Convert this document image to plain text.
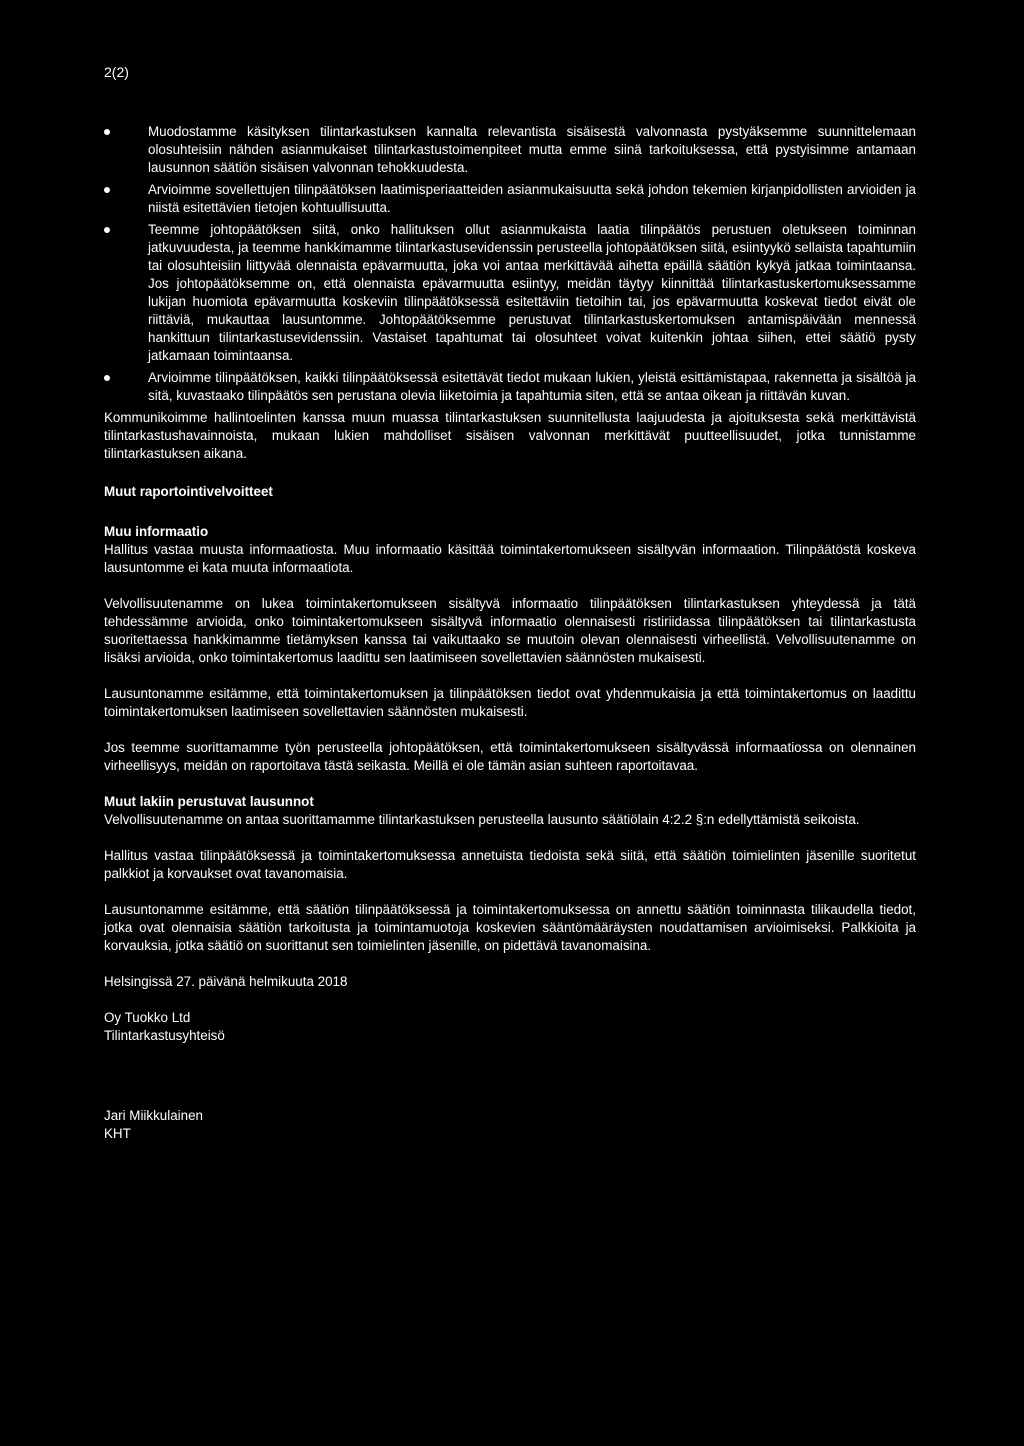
2(2)
Muodostamme käsityksen tilintarkastuksen kannalta relevantista sisäisestä valvonnasta pystyäksemme suunnittelemaan olosuhteisiin nähden asianmukaiset tilintarkastustoimenpiteet mutta emme siinä tarkoituksessa, että pystyisimme antamaan lausunnon säätiön sisäisen valvonnan tehokkuudesta.
Arvioimme sovellettujen tilinpäätöksen laatimisperiaatteiden asianmukaisuutta sekä johdon tekemien kirjanpidollisten arvioiden ja niistä esitettävien tietojen kohtuullisuutta.
Teemme johtopäätöksen siitä, onko hallituksen ollut asianmukaista laatia tilinpäätös perustuen oletukseen toiminnan jatkuvuudesta, ja teemme hankkimamme tilintarkastusevidenssin perusteella johtopäätöksen siitä, esiintyykö sellaista tapahtumiin tai olosuhteisiin liittyvää olennaista epävarmuutta, joka voi antaa merkittävää aihetta epäillä säätiön kykyä jatkaa toimintaansa. Jos johtopäätöksemme on, että olennaista epävarmuutta esiintyy, meidän täytyy kiinnittää tilintarkastuskertomuksessamme lukijan huomiota epävarmuutta koskeviin tilinpäätöksessä esitettäviin tietoihin tai, jos epävarmuutta koskevat tiedot eivät ole riittäviä, mukauttaa lausuntomme. Johtopäätöksemme perustuvat tilintarkastuskertomuksen antamispäivään mennessä hankittuun tilintarkastusevidenssiin. Vastaiset tapahtumat tai olosuhteet voivat kuitenkin johtaa siihen, ettei säätiö pysty jatkamaan toimintaansa.
Arvioimme tilinpäätöksen, kaikki tilinpäätöksessä esitettävät tiedot mukaan lukien, yleistä esittämistapaa, rakennetta ja sisältöä ja sitä, kuvastaako tilinpäätös sen perustana olevia liiketoimia ja tapahtumia siten, että se antaa oikean ja riittävän kuvan.

Kommunikoimme hallintoelinten kanssa muun muassa tilintarkastuksen suunnitellusta laajuudesta ja ajoituksesta sekä merkittävistä tilintarkastushavainnoista, mukaan lukien mahdolliset sisäisen valvonnan merkittävät puutteellisuudet, jotka tunnistamme tilintarkastuksen aikana.

Muut raportointivelvoitteet

Muu informaatio

Hallitus vastaa muusta informaatiosta. Muu informaatio käsittää toimintakertomukseen sisältyvän informaation. Tilinpäätöstä koskeva lausuntomme ei kata muuta informaatiota.

Velvollisuutenamme on lukea toimintakertomukseen sisältyvä informaatio tilinpäätöksen tilintarkastuksen yhteydessä ja tätä tehdessämme arvioida, onko toimintakertomukseen sisältyvä informaatio olennaisesti ristiriidassa tilinpäätöksen tai tilintarkastusta suoritettaessa hankkimamme tietämyksen kanssa tai vaikuttaako se muutoin olevan olennaisesti virheellistä. Velvollisuutenamme on lisäksi arvioida, onko toimintakertomus laadittu sen laatimiseen sovellettavien säännösten mukaisesti.

Lausuntonamme esitämme, että toimintakertomuksen ja tilinpäätöksen tiedot ovat yhdenmukaisia ja että toimintakertomus on laadittu toimintakertomuksen laatimiseen sovellettavien säännösten mukaisesti.

Jos teemme suorittamamme työn perusteella johtopäätöksen, että toimintakertomukseen sisältyvässä informaatiossa on olennainen virheellisyys, meidän on raportoitava tästä seikasta. Meillä ei ole tämän asian suhteen raportoitavaa.

Muut lakiin perustuvat lausunnot

Velvollisuutenamme on antaa suorittamamme tilintarkastuksen perusteella lausunto säätiölain 4:2.2 §:n edellyttämistä seikoista.

Hallitus vastaa tilinpäätöksessä ja toimintakertomuksessa annetuista tiedoista sekä siitä, että säätiön toimielinten jäsenille suoritetut palkkiot ja korvaukset ovat tavanomaisia.

Lausuntonamme esitämme, että säätiön tilinpäätöksessä ja toimintakertomuksessa on annettu säätiön toiminnasta tilikaudella tiedot, jotka ovat olennaisia säätiön tarkoitusta ja toimintamuotoja koskevien sääntömääräysten noudattamisen arvioimiseksi. Palkkioita ja korvauksia, jotka säätiö on suorittanut sen toimielinten jäsenille, on pidettävä tavanomaisina.

Helsingissä 27. päivänä helmikuuta 2018

Oy Tuokko Ltd

Tilintarkastusyhteisö

Jari Miikkulainen

KHT
